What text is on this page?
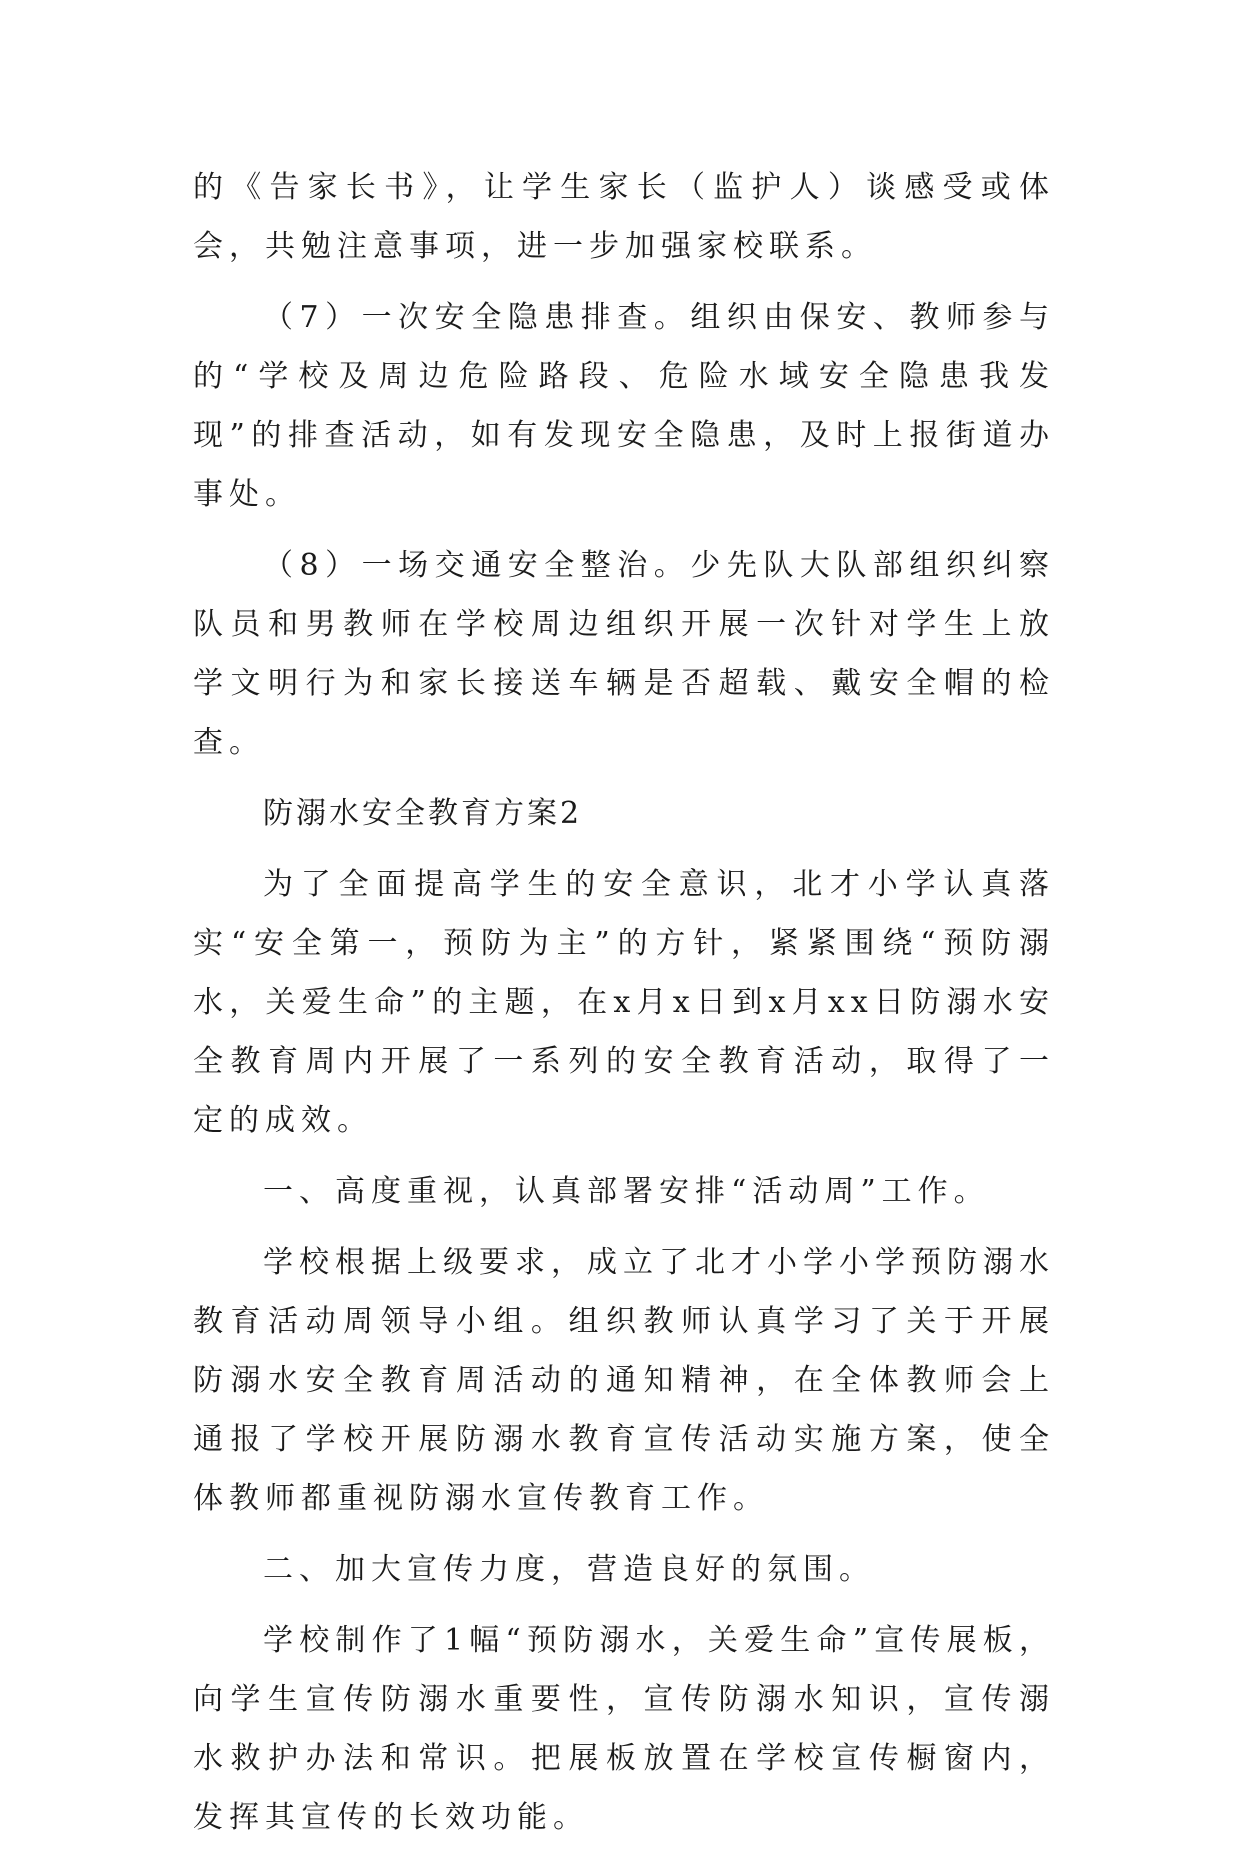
的《告家长书》，让学生家长（监护人）谈感受或体会，共勉注意事项，进一步加强家校联系。

（7）一次安全隐患排查。组织由保安、教师参与的“学校及周边危险路段、危险水域安全隐患我发现”的排查活动，如有发现安全隐患，及时上报街道办事处。

（8）一场交通安全整治。少先队大队部组织纠察队员和男教师在学校周边组织开展一次针对学生上放学文明行为和家长接送车辆是否超载、戴安全帽的检查。

防溺水安全教育方案2

为了全面提高学生的安全意识，北才小学认真落实“安全第一，预防为主”的方针，紧紧围绕“预防溺水，关爱生命”的主题，在x月x日到x月xx日防溺水安全教育周内开展了一系列的安全教育活动，取得了一定的成效。

一、高度重视，认真部署安排“活动周”工作。

学校根据上级要求，成立了北才小学小学预防溺水教育活动周领导小组。组织教师认真学习了关于开展防溺水安全教育周活动的通知精神，在全体教师会上通报了学校开展防溺水教育宣传活动实施方案，使全体教师都重视防溺水宣传教育工作。

二、加大宣传力度，营造良好的氛围。

学校制作了1幅“预防溺水，关爱生命”宣传展板，向学生宣传防溺水重要性，宣传防溺水知识，宣传溺水救护办法和常识。把展板放置在学校宣传橱窗内，发挥其宣传的长效功能。
